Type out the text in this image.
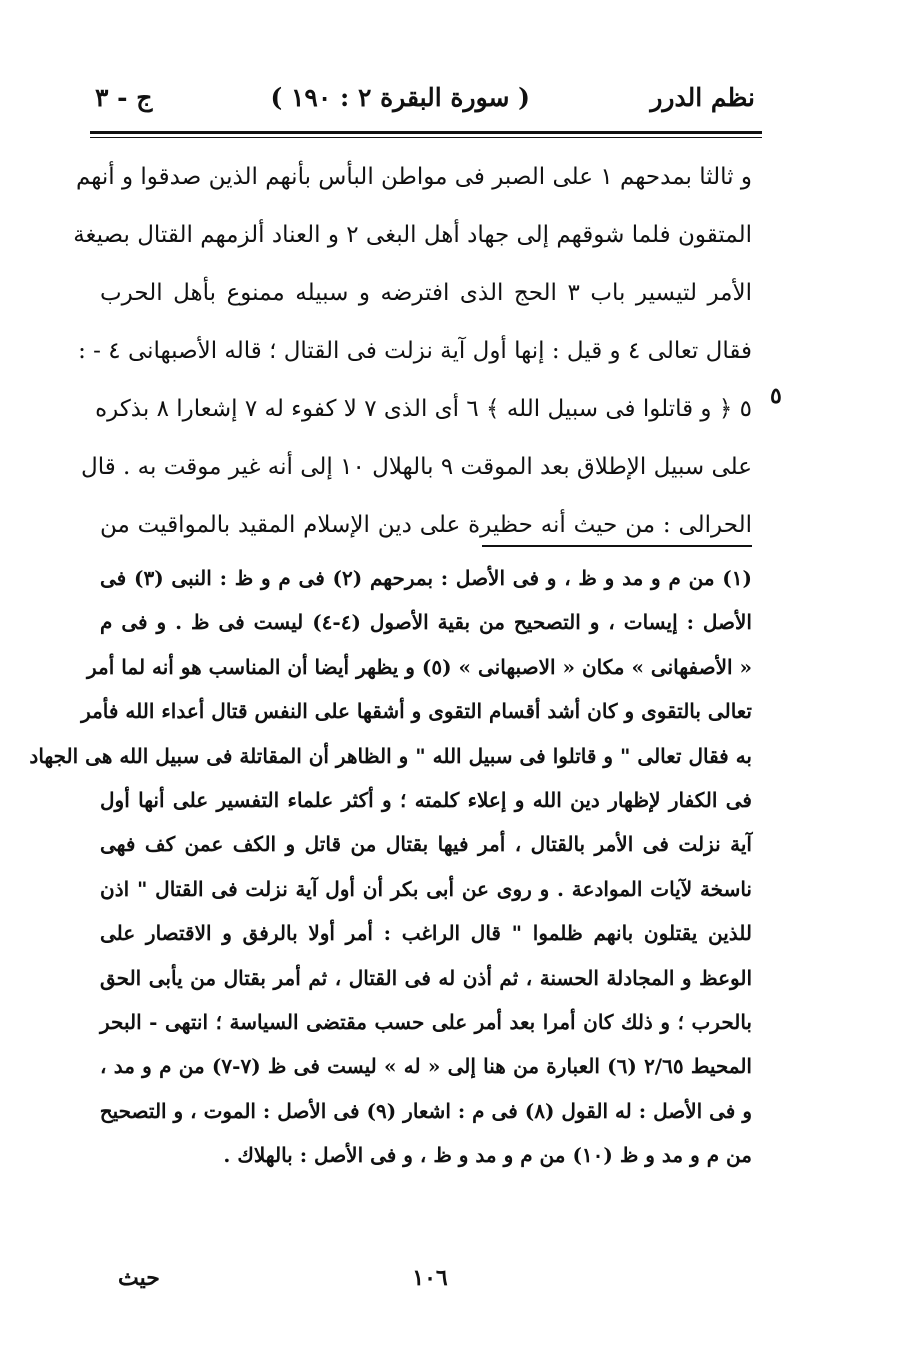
نظم الدرر
( سورة البقرة ٢ : ١٩٠ )
ج - ٣
و ثالثا بمدحهم ١ على الصبر فى مواطن البأس بأنهم الذين صدقوا و أنهم
المتقون فلما شوقهم إلى جهاد أهل البغى ٢ و العناد ألزمهم القتال بصيغة
الأمر لتيسير باب ٣ الحج الذى افترضه و سبيله ممنوع بأهل الحرب
فقال تعالى ٤ و قيل : إنها أول آية نزلت فى القتال ؛ قاله الأصبهانى ٤ - :
٥ ﴿ و قاتلوا فى سبيل الله ﴾ ٦ أى الذى ٧ لا كفوء له ٧ إشعارا ٨ بذكره
على سبيل الإطلاق بعد الموقت ٩ بالهلال ١٠ إلى أنه غير موقت به . قال
الحرالى : من حيث أنه حظيرة على دين الإسلام المقيد بالمواقيت من
٥
(١) من م و مد و ظ ، و فى الأصل : بمرحهم (٢) فى م و ظ : النبى (٣) فى
الأصل : إيسات ، و التصحيح من بقية الأصول (٤-٤) ليست فى ظ . و فى م
« الأصفهانى » مكان « الاصبهانى » (٥) و يظهر أيضا أن المناسب هو أنه لما أمر
تعالى بالتقوى و كان أشد أقسام التقوى و أشقها على النفس قتال أعداء الله فأمر
به فقال تعالى " و قاتلوا فى سبيل الله " و الظاهر أن المقاتلة فى سبيل الله هى الجهاد
فى الكفار لإظهار دين الله و إعلاء كلمته ؛ و أكثر علماء التفسير على أنها أول
آية نزلت فى الأمر بالقتال ، أمر فيها بقتال من قاتل و الكف عمن كف فهى
ناسخة لآيات الموادعة . و روى عن أبى بكر أن أول آية نزلت فى القتال " اذن
للذين يقتلون بانهم ظلموا " قال الراغب : أمر أولا بالرفق و الاقتصار على
الوعظ و المجادلة الحسنة ، ثم أذن له فى القتال ، ثم أمر بقتال من يأبى الحق
بالحرب ؛ و ذلك كان أمرا بعد أمر على حسب مقتضى السياسة ؛ انتهى - البحر
المحيط ٢/٦٥ (٦) العبارة من هنا إلى « له » ليست فى ظ (٧-٧) من م و مد ،
و فى الأصل : له القول (٨) فى م : اشعار (٩) فى الأصل : الموت ، و التصحيح
من م و مد و ظ (١٠) من م و مد و ظ ، و فى الأصل : بالهلاك .
حيث	١٠٦
